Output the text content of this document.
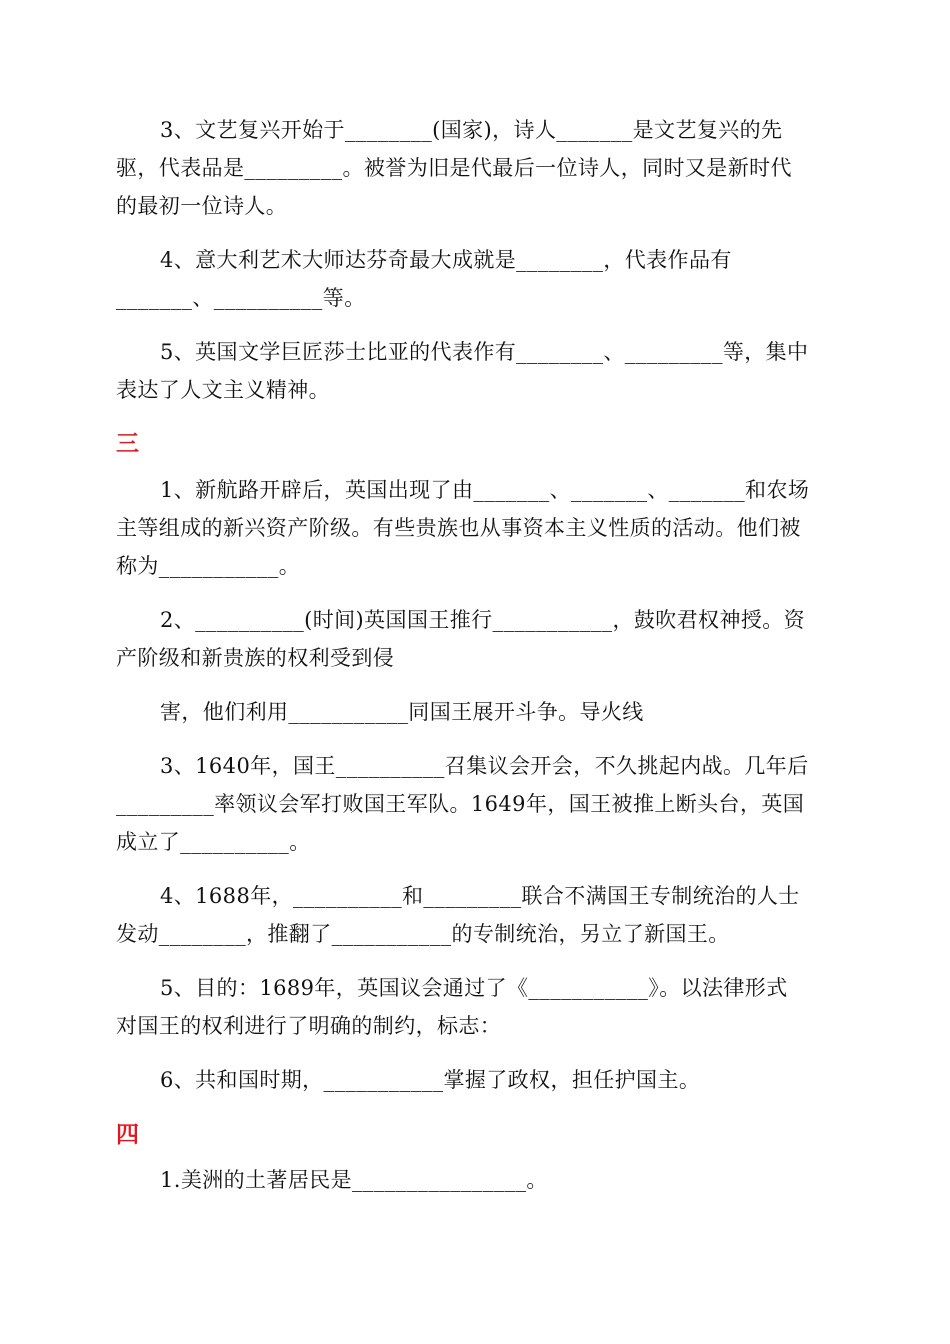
3、文艺复兴开始于________(国家)，诗人_______是文艺复兴的先
驱，代表品是_________。被誉为旧是代最后一位诗人，同时又是新时代
的最初一位诗人。
4、意大利艺术大师达芬奇最大成就是________，代表作品有
_______、__________等。
5、英国文学巨匠莎士比亚的代表作有________、_________等，集中
表达了人文主义精神。
三
1、新航路开辟后，英国出现了由_______、_______、_______和农场
主等组成的新兴资产阶级。有些贵族也从事资本主义性质的活动。他们被
称为___________。
2、__________(时间)英国国王推行___________，鼓吹君权神授。资
产阶级和新贵族的权利受到侵
害，他们利用___________同国王展开斗争。导火线
3、1640年，国王__________召集议会开会，不久挑起内战。几年后
_________率领议会军打败国王军队。1649年，国王被推上断头台，英国
成立了__________。
4、1688年，__________和_________联合不满国王专制统治的人士
发动________，推翻了___________的专制统治，另立了新国王。
5、目的：1689年，英国议会通过了《___________》。以法律形式
对国王的权利进行了明确的制约，标志：
6、共和国时期，___________掌握了政权，担任护国主。
四
1.美洲的土著居民是________________。
